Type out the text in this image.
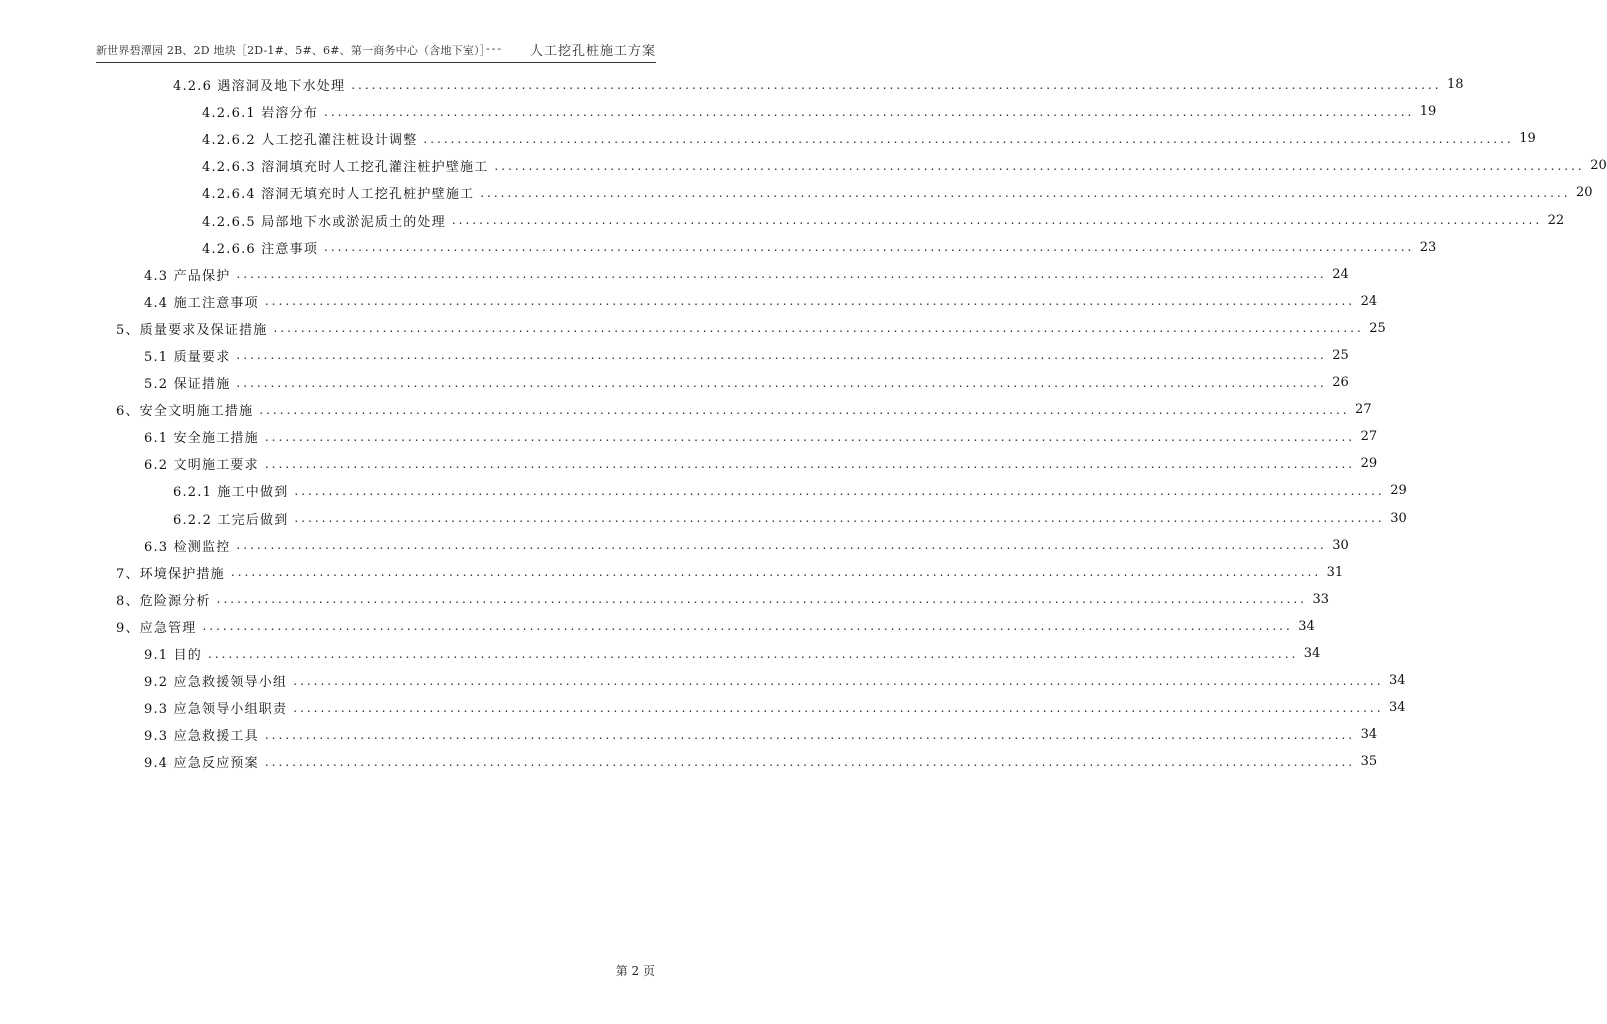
新世界碧潭园 2B、2D 地块［2D-1#、5#、6#、第一商务中心（含地下室）］
--- 人工挖孔桩施工方案
4.2.6 遇溶洞及地下水处理 .....	18
4.2.6.1 岩溶分布 .....	19
4.2.6.2 人工挖孔灌注桩设计调整 .....	19
4.2.6.3 溶洞填充时人工挖孔灌注桩护壁施工 .....	20
4.2.6.4 溶洞无填充时人工挖孔桩护壁施工 .....	20
4.2.6.5 局部地下水或淤泥质土的处理 .....	22
4.2.6.6 注意事项 .....	23
4.3 产品保护 .....	24
4.4 施工注意事项 .....	24
5、质量要求及保证措施 .....	25
5.1 质量要求 .....	25
5.2 保证措施 .....	26
6、安全文明施工措施 .....	27
6.1 安全施工措施 .....	27
6.2 文明施工要求 .....	29
6.2.1 施工中做到 .....	29
6.2.2 工完后做到 .....	30
6.3 检测监控 .....	30
7、环境保护措施 .....	31
8、危险源分析 .....	33
9、应急管理 .....	34
9.1 目的 .....	34
9.2 应急救援领导小组 .....	34
9.3 应急领导小组职责 .....	34
9.3 应急救援工具 .....	34
9.4 应急反应预案 .....	35
第 2 页
